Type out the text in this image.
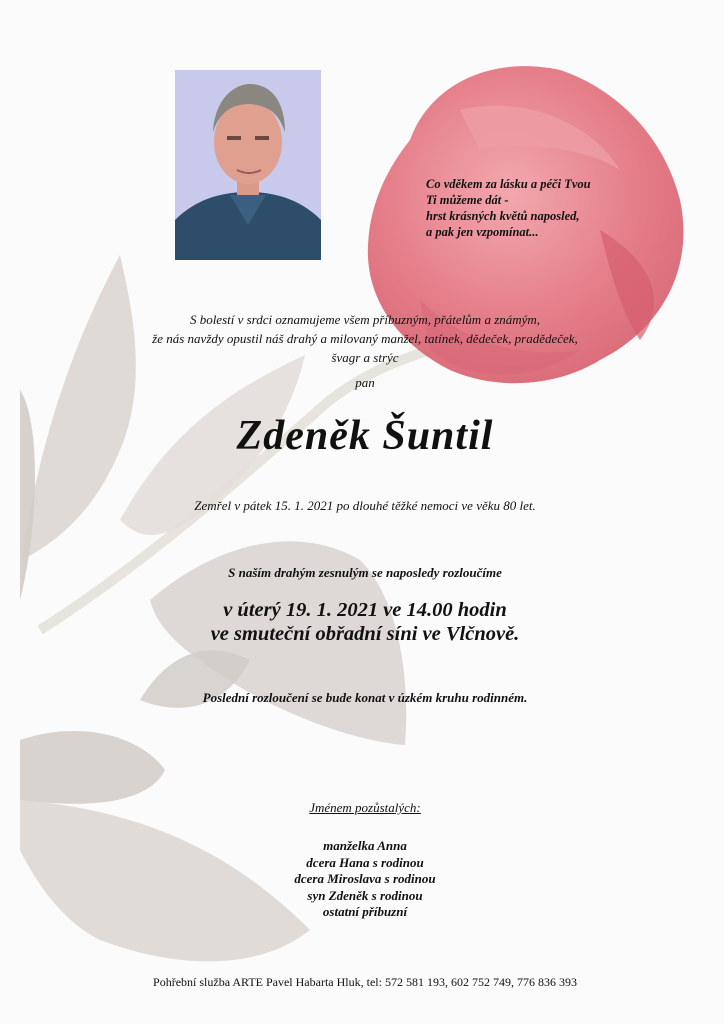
Co vděkem za lásku a péči Tvou
Ti můžeme dát -
hrst krásných květů naposled,
a pak jen vzpomínat...
S bolestí v srdci oznamujeme všem příbuzným, přátelům a známým,
že nás navždy opustil náš drahý a milovaný manžel, tatínek, dědeček, pradědeček,
švagr a strýc
pan
Zdeněk Šuntil
Zemřel v pátek 15. 1. 2021 po dlouhé těžké nemoci ve věku 80 let.
S naším drahým zesnulým se naposledy rozloučíme
v úterý 19. 1. 2021 ve 14.00 hodin
ve smuteční obřadní síni ve Vlčnově.
Poslední rozloučení se bude konat v úzkém kruhu rodinném.
Jménem pozůstalých:
manželka Anna
dcera Hana s rodinou
dcera Miroslava s rodinou
syn Zdeněk s rodinou
ostatní příbuzní
Pohřební služba ARTE Pavel Habarta Hluk, tel: 572 581 193, 602 752 749, 776 836 393
